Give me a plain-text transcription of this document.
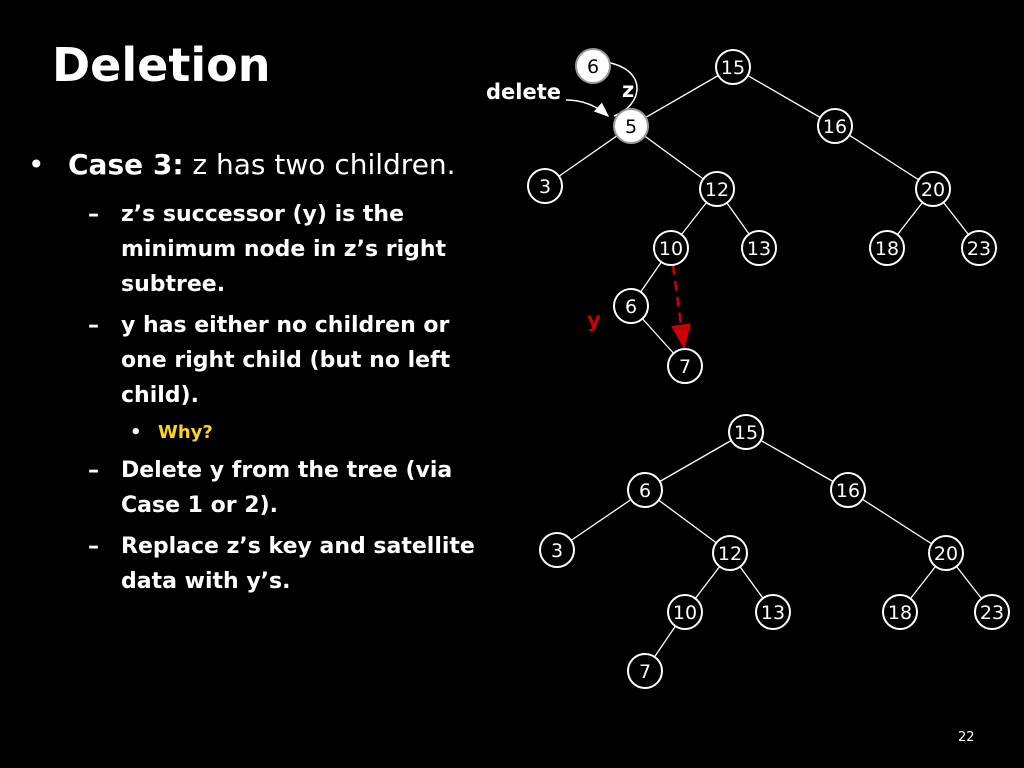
Deletion
• Case 3: z has two children.
– z’s successor (y) is the minimum node in z’s right subtree.
– y has either no children or one right child (but no left child).
• Why?
– Delete y from the tree (via Case 1 or 2).
– Replace z’s key and satellite data with y’s.
15
5	16
3	12	20
10	13	18	23
6
7
6
15
6	16
3	12	20
10	13	18	23
7
delete	z
y
22
